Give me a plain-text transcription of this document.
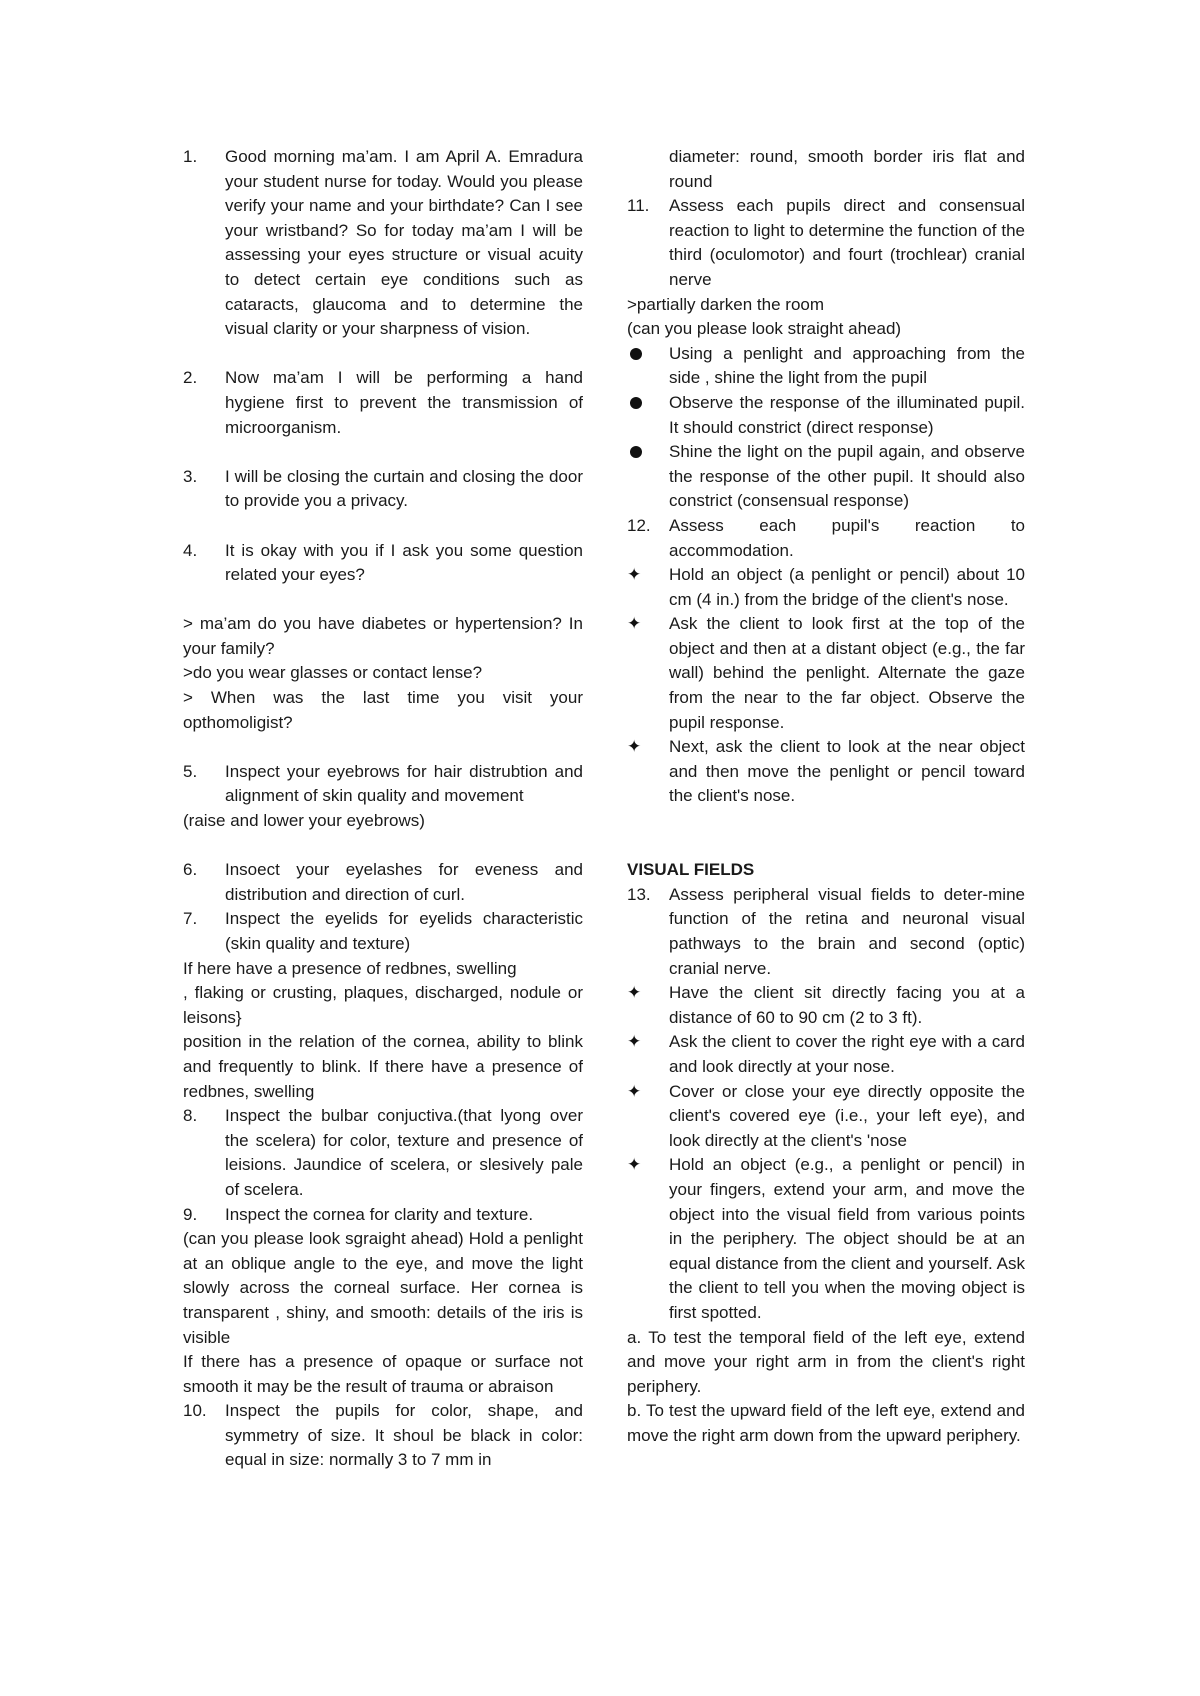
1.	Good morning ma’am. I am April A. Emradura your student nurse for today. Would you please verify your name and your birthdate? Can I see your wristband? So for today ma’am I will be assessing your eyes structure or visual acuity to detect certain eye conditions such as cataracts, glaucoma and to determine the visual clarity or your sharpness of vision.
2.	Now ma’am I will be performing a hand hygiene first to prevent the transmission of microorganism.
3.	I will be closing the curtain and closing the door to provide you a privacy.
4.	It is okay with you if I ask you some question related your eyes?
> ma’am do you have diabetes or hypertension? In your family?
>do you wear glasses or contact lense?
> When was the last time you visit your opthomoligist?
5.	Inspect your eyebrows for hair distrubtion and alignment of skin quality and movement
(raise and lower your eyebrows)
6.	Insoect your eyelashes for eveness and distribution and direction of curl.
7.	Inspect the eyelids for eyelids characteristic (skin quality and texture)
If here have a presence of redbnes, swelling
, flaking or crusting, plaques, discharged, nodule or leisons}
position in the relation of the cornea, ability to blink and frequently to blink. If there have a presence of redbnes, swelling
8.	Inspect the bulbar conjuctiva.(that lyong over the scelera) for color, texture and presence of leisions. Jaundice of scelera, or slesively pale of scelera.
9.	Inspect the cornea for clarity and texture.
(can you please look sgraight ahead) Hold a penlight at an oblique angle to the eye, and move the light slowly across the corneal surface. Her cornea is transparent , shiny, and smooth: details of the iris is visible
If there has a presence of opaque or surface not smooth it may be the result of trauma or abraison
10.	Inspect the pupils for color, shape, and symmetry of size. It shoul be black in color: equal in size: normally 3 to 7 mm in
diameter: round, smooth border iris flat and round
11.	Assess each pupils direct and consensual reaction to light to determine the function of the third (oculomotor) and fourt (trochlear) cranial nerve
>partially darken the room
(can you please look straight ahead)
Using a penlight and approaching from the side , shine the light from the pupil
Observe the response of the illuminated pupil. It should constrict (direct response)
Shine the light on the pupil again, and observe the response of the other pupil. It should also constrict (consensual response)
12.	Assess each pupil's reaction to accommodation.
✦ Hold an object (a penlight or pencil) about 10 cm (4 in.) from the bridge of the client's nose.
✦ Ask the client to look first at the top of the object and then at a distant object (e.g., the far wall) behind the penlight. Alternate the gaze from the near to the far object. Observe the pupil response.
✦ Next, ask the client to look at the near object and then move the penlight or pencil toward the client's nose.
VISUAL FIELDS
13.	Assess peripheral visual fields to deter-mine function of the retina and neuronal visual pathways to the brain and second (optic) cranial nerve.
✦ Have the client sit directly facing you at a distance of 60 to 90 cm (2 to 3 ft).
✦ Ask the client to cover the right eye with a card and look directly at your nose.
✦ Cover or close your eye directly opposite the client's covered eye (i.e., your left eye), and look directly at the client's 'nose
✦ Hold an object (e.g., a penlight or pencil) in your fingers, extend your arm, and move the object into the visual field from various points in the periphery. The object should be at an equal distance from the client and yourself. Ask the client to tell you when the moving object is first spotted.
a. To test the temporal field of the left eye, extend and move your right arm in from the client's right periphery.
b. To test the upward field of the left eye, extend and move the right arm down from the upward periphery.
